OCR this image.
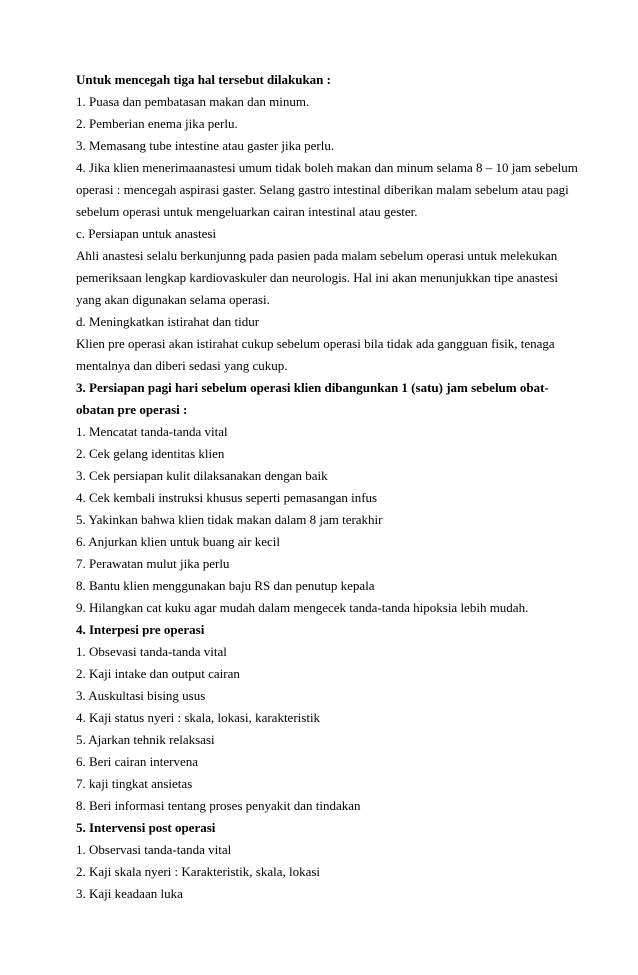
Untuk mencegah tiga hal tersebut dilakukan :
1. Puasa dan pembatasan makan dan minum.
2. Pemberian enema jika perlu.
3. Memasang tube intestine atau gaster jika perlu.
4. Jika klien menerimaanastesi umum tidak boleh makan dan minum selama 8 – 10 jam sebelum
operasi : mencegah aspirasi gaster. Selang gastro intestinal diberikan malam sebelum atau pagi
sebelum operasi untuk mengeluarkan cairan intestinal atau gester.
c. Persiapan untuk anastesi
Ahli anastesi selalu berkunjunng pada pasien pada malam sebelum operasi untuk melekukan
pemeriksaan lengkap kardiovaskuler dan neurologis. Hal ini akan menunjukkan tipe anastesi
yang akan digunakan selama operasi.
d. Meningkatkan istirahat dan tidur
Klien pre operasi akan istirahat cukup sebelum operasi bila tidak ada gangguan fisik, tenaga
mentalnya dan diberi sedasi yang cukup.
3. Persiapan pagi hari sebelum operasi klien dibangunkan 1 (satu) jam sebelum obat-
obatan pre operasi :
1. Mencatat tanda-tanda vital
2. Cek gelang identitas klien
3. Cek persiapan kulit dilaksanakan dengan baik
4. Cek kembali instruksi khusus seperti pemasangan infus
5. Yakinkan bahwa klien tidak makan dalam 8 jam terakhir
6. Anjurkan klien untuk buang air kecil
7. Perawatan mulut jika perlu
8. Bantu klien menggunakan baju RS dan penutup kepala
9. Hilangkan cat kuku agar mudah dalam mengecek tanda-tanda hipoksia lebih mudah.
4. Interpesi pre operasi
1. Obsevasi tanda-tanda vital
2. Kaji intake dan output cairan
3. Auskultasi bising usus
4. Kaji status nyeri : skala, lokasi, karakteristik
5. Ajarkan tehnik relaksasi
6. Beri cairan intervena
7. kaji tingkat ansietas
8. Beri informasi tentang proses penyakit dan tindakan
5. Intervensi post operasi
1. Observasi tanda-tanda vital
2. Kaji skala nyeri : Karakteristik, skala, lokasi
3. Kaji keadaan luka
